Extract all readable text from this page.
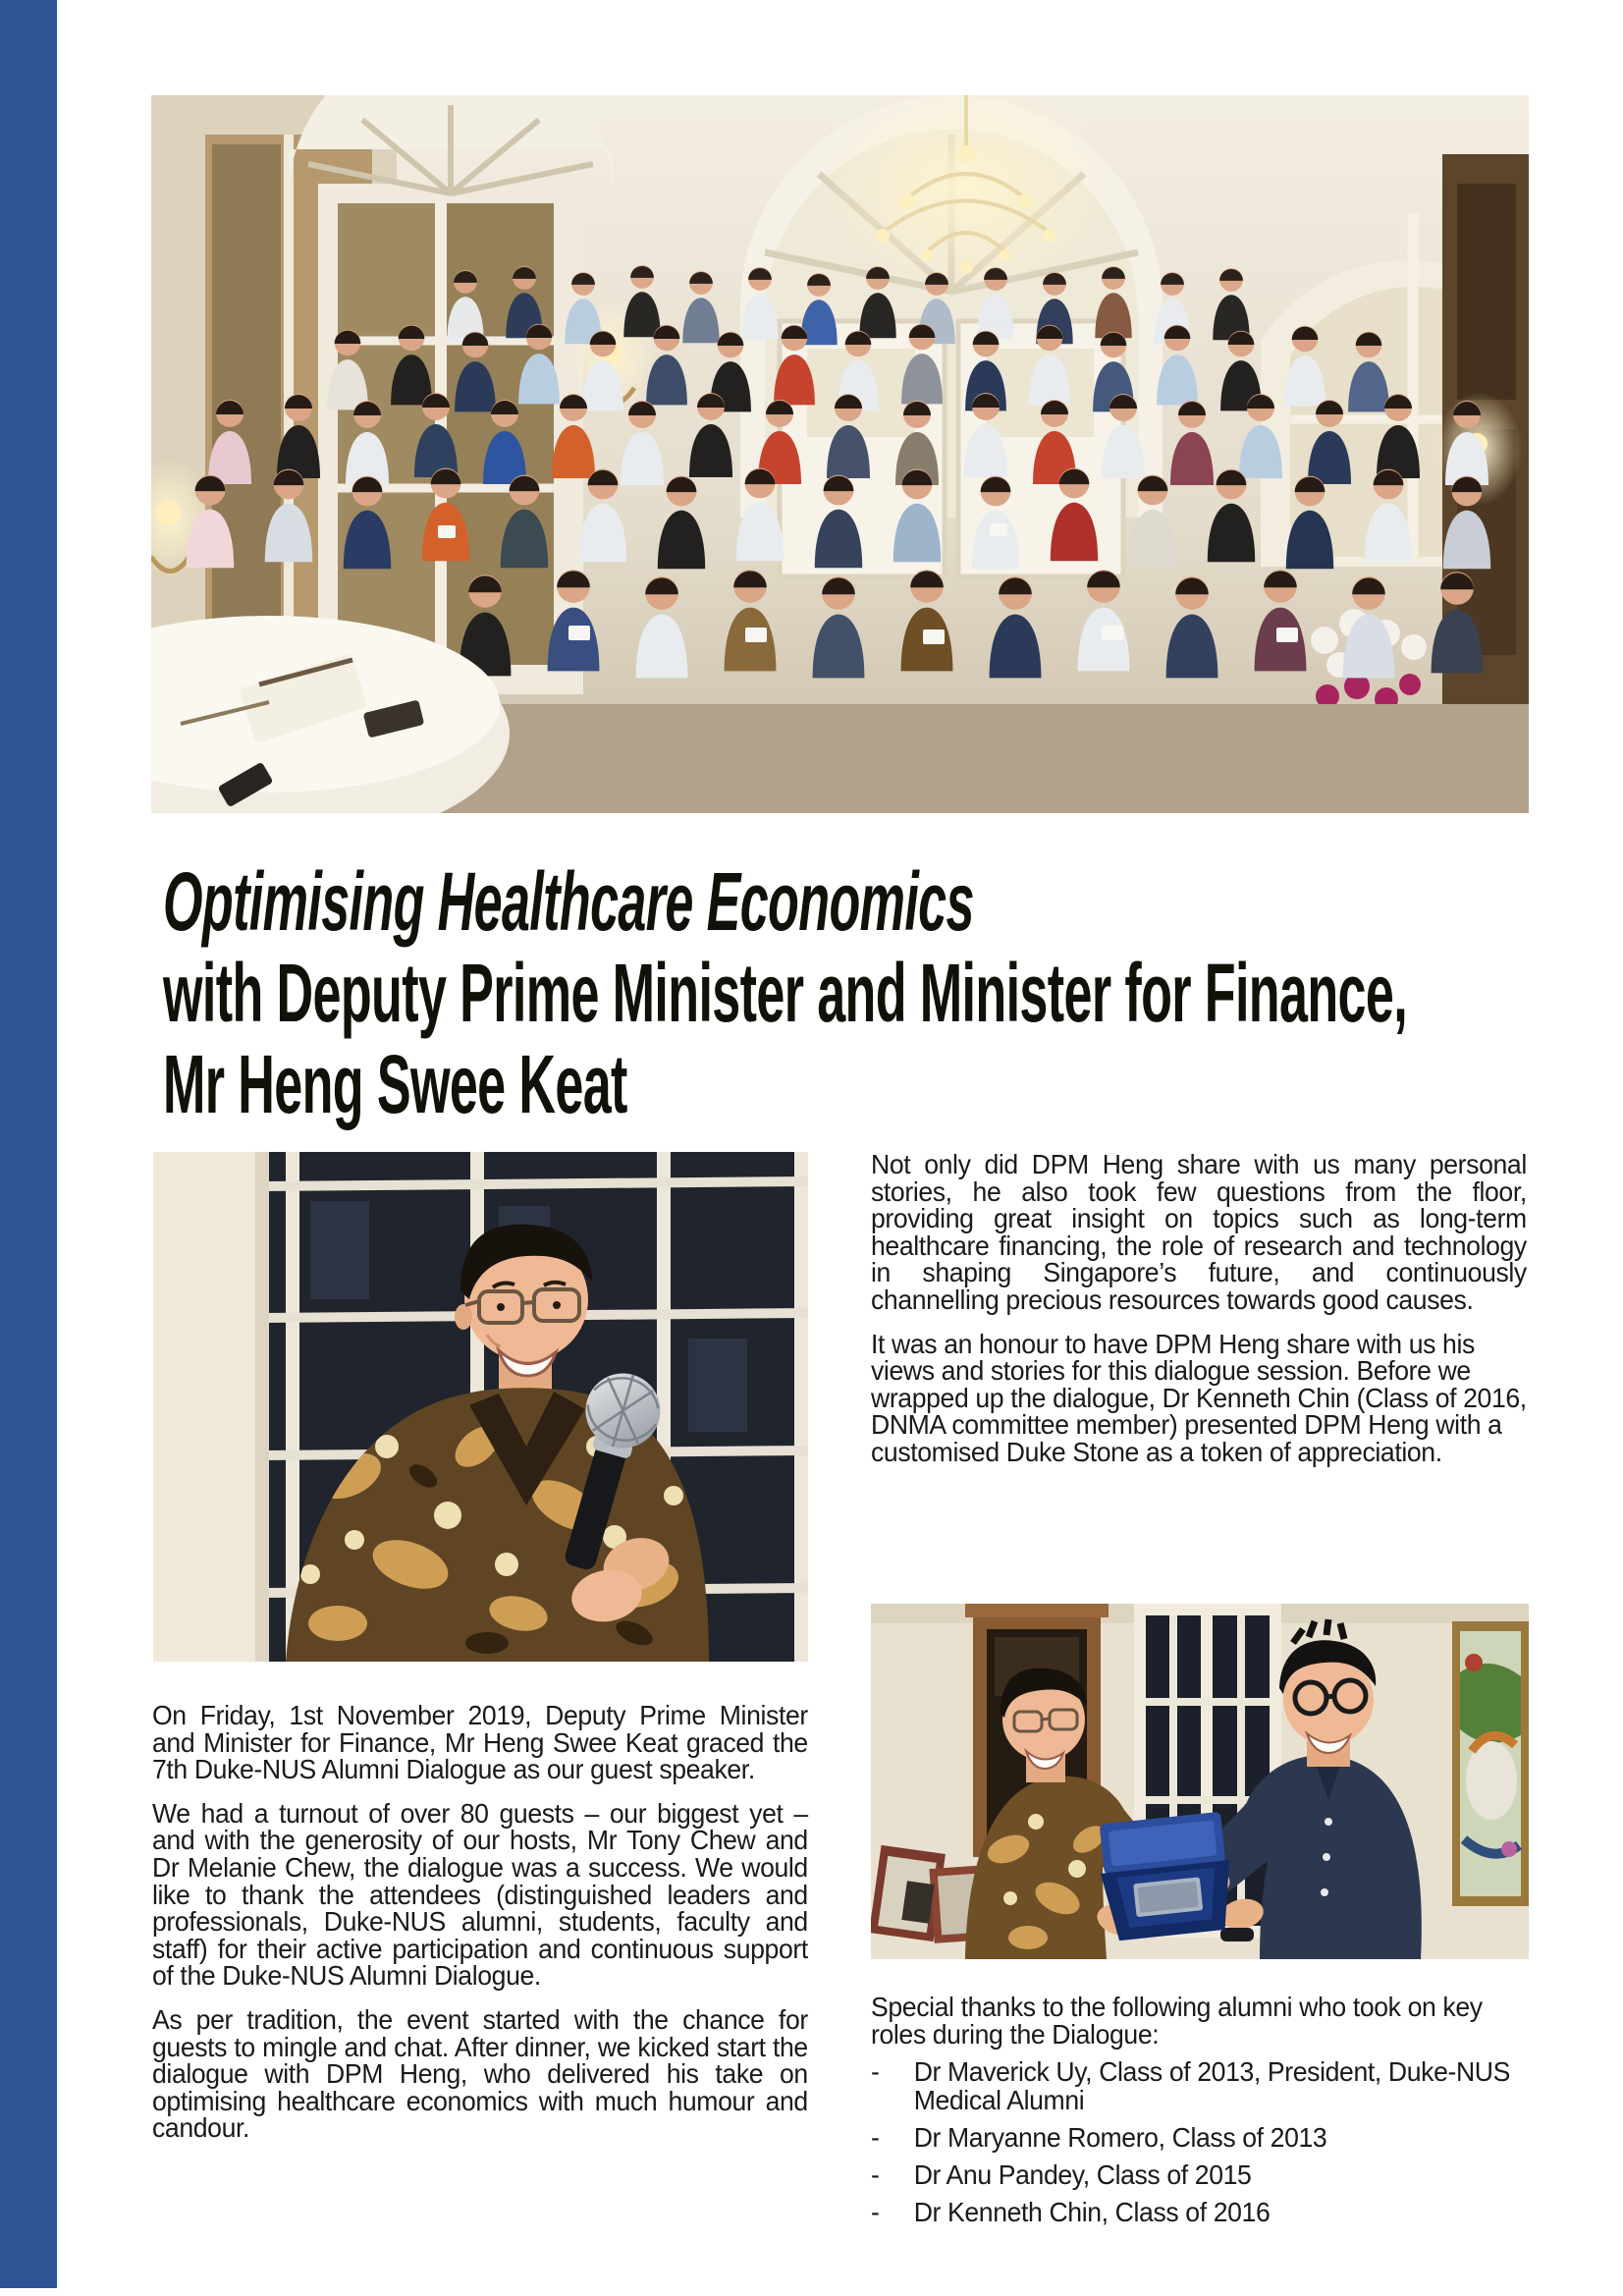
Optimising Healthcare Economics
with Deputy Prime Minister and Minister for Finance,
Mr Heng Swee Keat

On Friday, 1st November 2019, Deputy Prime Minister and Minister for Finance, Mr Heng Swee Keat graced the 7th Duke-NUS Alumni Dialogue as our guest speaker.

We had a turnout of over 80 guests – our biggest yet – and with the generosity of our hosts, Mr Tony Chew and Dr Melanie Chew, the dialogue was a success. We would like to thank the attendees (distinguished leaders and professionals, Duke-NUS alumni, students, faculty and staff) for their active participation and continuous support of the Duke-NUS Alumni Dialogue.

As per tradition, the event started with the chance for guests to mingle and chat. After dinner, we kicked start the dialogue with DPM Heng, who delivered his take on optimising healthcare economics with much humour and candour.

Not only did DPM Heng share with us many personal stories, he also took few questions from the floor, providing great insight on topics such as long-term healthcare financing, the role of research and technology in shaping Singapore’s future, and continuously channelling precious resources towards good causes.

It was an honour to have DPM Heng share with us his views and stories for this dialogue session. Before we wrapped up the dialogue, Dr Kenneth Chin (Class of 2016, DNMA committee member) presented DPM Heng with a customised Duke Stone as a token of appreciation.

Special thanks to the following alumni who took on key roles during the Dialogue:

-	Dr Maverick Uy, Class of 2013, President, Duke-NUS Medical Alumni
-	Dr Maryanne Romero, Class of 2013
-	Dr Anu Pandey, Class of 2015
-	Dr Kenneth Chin, Class of 2016
